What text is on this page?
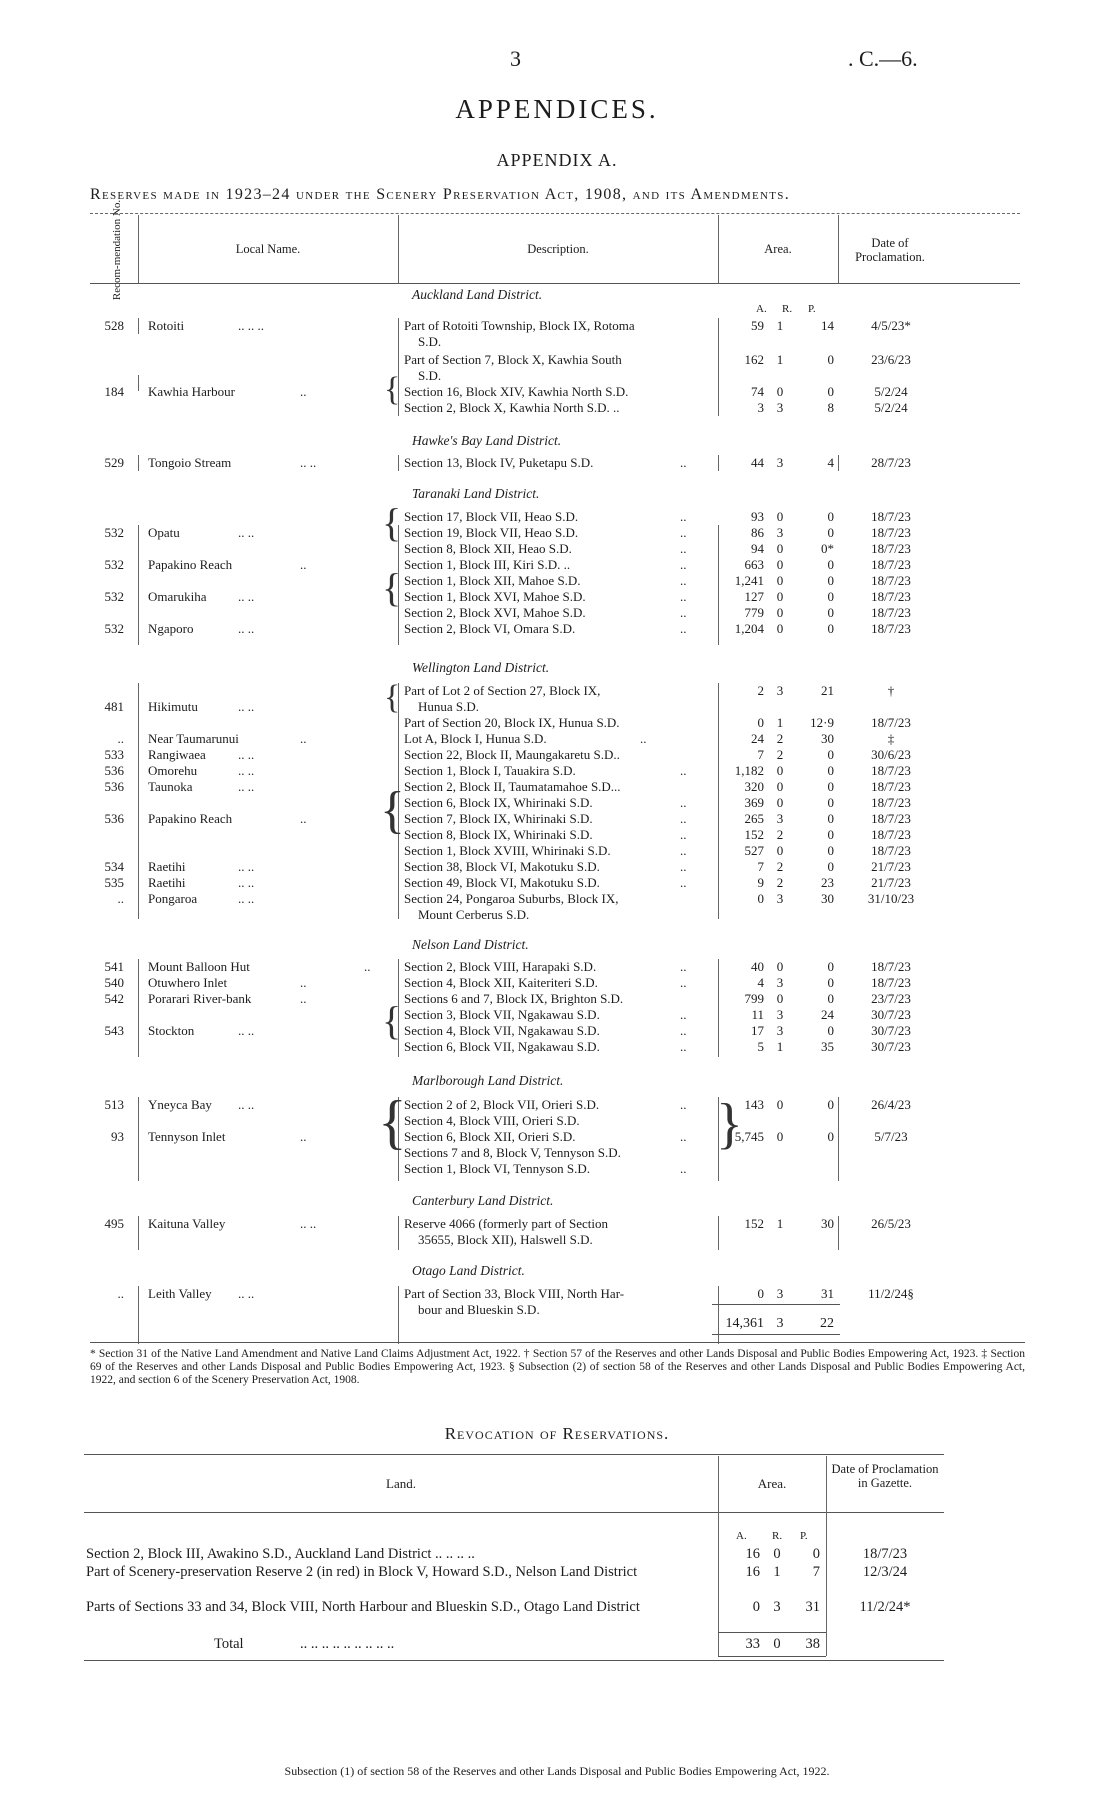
3	. C.—6.
APPENDICES.
APPENDIX A.
Reserves made in 1923–24 under the Scenery Preservation Act, 1908, and its Amendments.
Recom-mendation No.	Local Name.	Description.	Area.	Date of Proclamation.
Auckland Land District.
Hawke's Bay Land District.
Taranaki Land District.
Wellington Land District.
Nelson Land District.
Marlborough Land District.
Canterbury Land District.
Otago Land District.
A. R. P.
{
{
{
{
{
{
{	}
528 Rotoiti	.. .. ..	Part of Rotoiti Township, Block IX, Rotoma	59 1	14	4/5/23*
S.D.
Part of Section 7, Block X, Kawhia South	162 1	0	23/6/23
S.D.
184 Kawhia Harbour	..	Section 16, Block XIV, Kawhia North S.D.	74 0	0	5/2/24
Section 2, Block X, Kawhia North S.D. ..	3 3	8	5/2/24
529 Tongoio Stream	.. ..	Section 13, Block IV, Puketapu S.D.	..	44 3	4	28/7/23
Section 17, Block VII, Heao S.D.	..	93 0	0	18/7/23
532 Opatu	.. ..	Section 19, Block VII, Heao S.D.	..	86 3	0	18/7/23
Section 8, Block XII, Heao S.D.	..	94 0	0*	18/7/23
532 Papakino Reach	..	Section 1, Block III, Kiri S.D. ..	..	663 0	0	18/7/23
Section 1, Block XII, Mahoe S.D.	..	1,241 0	0	18/7/23
532 Omarukiha .. ..	Section 1, Block XVI, Mahoe S.D.	..	127 0	0	18/7/23
Section 2, Block XVI, Mahoe S.D.	..	779 0	0	18/7/23
532 Ngaporo	.. ..	Section 2, Block VI, Omara S.D.	..	1,204 0	0	18/7/23
Part of Lot 2 of Section 27, Block IX,	2 3	21	†
481 Hikimutu	.. ..	Hunua S.D.
Part of Section 20, Block IX, Hunua S.D.	0 1	12·9	18/7/23
.. Near Taumarunui	..	Lot A, Block I, Hunua S.D.	..	24 2	30	‡
533 Rangiwaea .. ..	Section 22, Block II, Maungakaretu S.D..	7 2	0	30/6/23
536 Omorehu	.. ..	Section 1, Block I, Tauakira S.D.	..	1,182 0	0	18/7/23
536 Taunoka	.. ..	Section 2, Block II, Taumatamahoe S.D...	320 0	0	18/7/23
Section 6, Block IX, Whirinaki S.D.	..	369 0	0	18/7/23
536 Papakino Reach	..	Section 7, Block IX, Whirinaki S.D.	..	265 3	0	18/7/23
Section 8, Block IX, Whirinaki S.D.	..	152 2	0	18/7/23
Section 1, Block XVIII, Whirinaki S.D.	..	527 0	0	18/7/23
534 Raetihi	.. ..	Section 38, Block VI, Makotuku S.D.	..	7 2	0	21/7/23
535 Raetihi	.. ..	Section 49, Block VI, Makotuku S.D.	..	9 2	23	21/7/23
.. Pongaroa	.. ..	Section 24, Pongaroa Suburbs, Block IX,	0 3	30	31/10/23
Mount Cerberus S.D.
541 Mount Balloon Hut	..	Section 2, Block VIII, Harapaki S.D.	..	40 0	0	18/7/23
540 Otuwhero Inlet	..	Section 4, Block XII, Kaiteriteri S.D.	..	4 3	0	18/7/23
542 Porarari River-bank	..	Sections 6 and 7, Block IX, Brighton S.D.	799 0	0	23/7/23
Section 3, Block VII, Ngakawau S.D.	..	11 3	24	30/7/23
543 Stockton	.. ..	Section 4, Block VII, Ngakawau S.D.	..	17 3	0	30/7/23
Section 6, Block VII, Ngakawau S.D.	..	5 1	35	30/7/23
513 Yneyca Bay .. ..	Section 2 of 2, Block VII, Orieri S.D.	..	143 0	0	26/4/23
Section 4, Block VIII, Orieri S.D.
93 Tennyson Inlet	..	Section 6, Block XII, Orieri S.D.	..	5,745 0	0	5/7/23
Sections 7 and 8, Block V, Tennyson S.D.
Section 1, Block VI, Tennyson S.D.	..
495 Kaituna Valley	.. ..	Reserve 4066 (formerly part of Section	152 1	30	26/5/23
35655, Block XII), Halswell S.D.
.. Leith Valley .. ..	Part of Section 33, Block VIII, North Har-	0 3	31	11/2/24§
bour and Blueskin S.D.
14,361 3	22
* Section 31 of the Native Land Amendment and Native Land Claims Adjustment Act, 1922. † Section 57 of the Reserves and other Lands Disposal and Public Bodies Empowering Act, 1923. ‡ Section 69 of the Reserves and other Lands Disposal and Public Bodies Empowering Act, 1923. § Subsection (2) of section 58 of the Reserves and other Lands Disposal and Public Bodies Empowering Act, 1922, and section 6 of the Scenery Preservation Act, 1908.
Revocation of Reservations.
Land.	Area.
Date of Proclamation in Gazette.
A. R. P.
Section 2, Block III, Awakino S.D., Auckland Land District .. .. .. ..	16 0	0	18/7/23
Part of Scenery-preservation Reserve 2 (in red) in Block V, Howard S.D., Nelson Land District	16 1	7	12/3/24
Parts of Sections 33 and 34, Block VIII, North Harbour and Blueskin S.D., Otago Land District	0 3	31	11/2/24*
Total	.. .. .. .. .. .. .. .. ..	33 0	38
Subsection (1) of section 58 of the Reserves and other Lands Disposal and Public Bodies Empowering Act, 1922.
